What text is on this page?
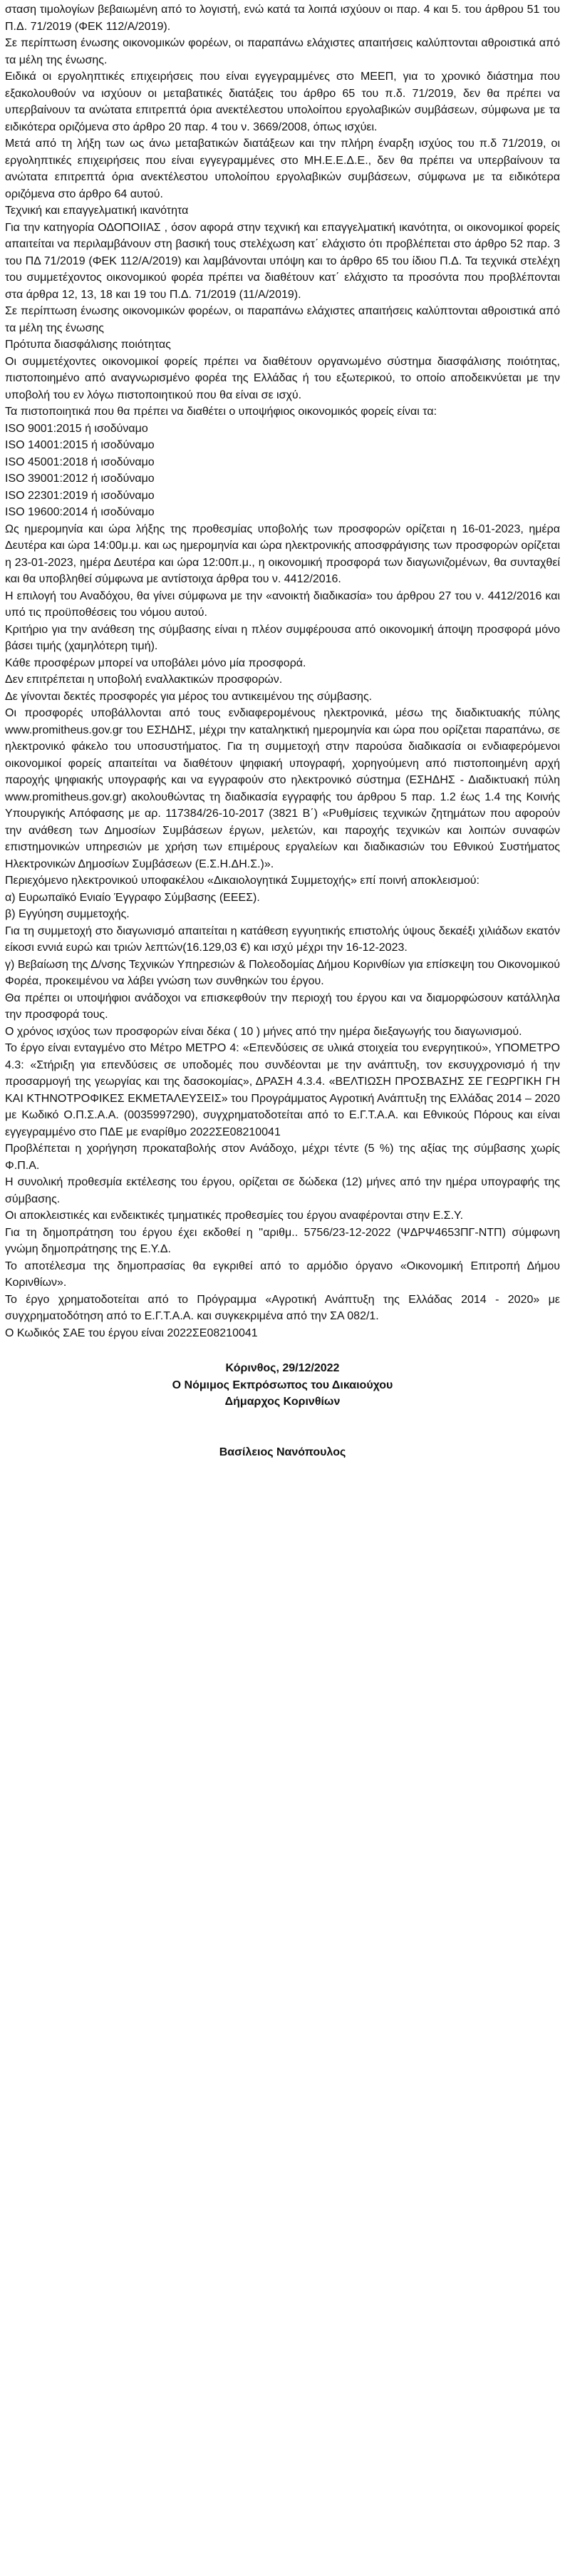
σταση τιμολογίων βεβαιωμένη από το λογιστή, ενώ κατά τα λοιπά ισχύουν οι παρ. 4 και 5. του άρθρου 51 του Π.Δ. 71/2019 (ΦΕΚ 112/Α/2019).

Σε περίπτωση ένωσης οικονομικών φορέων, οι παραπάνω ελάχιστες απαιτήσεις καλύπτονται αθροιστικά από τα μέλη της ένωσης.

Ειδικά οι εργοληπτικές επιχειρήσεις που είναι εγγεγραμμένες στο ΜΕΕΠ, για το χρονικό διάστημα που εξακολουθούν να ισχύουν οι μεταβατικές διατάξεις του άρθρο 65 του π.δ. 71/2019, δεν θα πρέπει να υπερβαίνουν τα ανώτατα επιτρεπτά όρια ανεκτέλεστου υπολοίπου εργολαβικών συμβάσεων, σύμφωνα με τα ειδικότερα οριζόμενα στο άρθρο 20 παρ. 4 του ν. 3669/2008, όπως ισχύει.

Μετά από τη λήξη των ως άνω μεταβατικών διατάξεων και την πλήρη έναρξη ισχύος του π.δ 71/2019, οι εργοληπτικές επιχειρήσεις που είναι εγγεγραμμένες στο ΜΗ.Ε.Ε.Δ.Ε., δεν θα πρέπει να υπερβαίνουν τα ανώτατα επιτρεπτά όρια ανεκτέλεστου υπολοίπου εργολαβικών συμβάσεων, σύμφωνα με τα ειδικότερα οριζόμενα στο άρθρο 64 αυτού.

Τεχνική και επαγγελματική ικανότητα

Για την κατηγορία ΟΔΟΠΟΙΙΑΣ , όσον αφορά στην τεχνική και επαγγελματική ικανότητα, οι οικονομικοί φορείς απαιτείται να περιλαμβάνουν στη βασική τους στελέχωση κατ΄ ελάχιστο ότι προβλέπεται στο άρθρο 52 παρ. 3 του ΠΔ 71/2019 (ΦΕΚ 112/Α/2019) και λαμβάνονται υπόψη και το άρθρο 65 του ίδιου Π.Δ. Τα τεχνικά στελέχη του συμμετέχοντος οικονομικού φορέα πρέπει να διαθέτουν κατ΄ ελάχιστο τα προσόντα που προβλέπονται στα άρθρα 12, 13, 18 και 19 του Π.Δ. 71/2019 (11/Α/2019).

Σε περίπτωση ένωσης οικονομικών φορέων, οι παραπάνω ελάχιστες απαιτήσεις καλύπτονται αθροιστικά από τα μέλη της ένωσης

Πρότυπα διασφάλισης ποιότητας

Οι συμμετέχοντες οικονομικοί φορείς πρέπει να διαθέτουν οργανωμένο σύστημα διασφάλισης ποιότητας, πιστοποιημένο από αναγνωρισμένο φορέα της Ελλάδας ή του εξωτερικού, το οποίο αποδεικνύεται με την υποβολή του εν λόγω πιστοποιητικού που θα είναι σε ισχύ.

Τα πιστοποιητικά που θα πρέπει να διαθέτει ο υποψήφιος οικονομικός φορείς είναι τα:

ISO 9001:2015 ή ισοδύναμο

ISO 14001:2015 ή ισοδύναμο

ISO 45001:2018 ή ισοδύναμο

ISO 39001:2012 ή ισοδύναμο

ISO 22301:2019 ή ισοδύναμο

ISO 19600:2014 ή ισοδύναμο

Ως ημερομηνία και ώρα λήξης της προθεσμίας υποβολής των προσφορών ορίζεται η 16-01-2023, ημέρα Δευτέρα και ώρα 14:00μ.μ. και ως ημερομηνία και ώρα ηλεκτρονικής αποσφράγισης των προσφορών ορίζεται η 23-01-2023, ημέρα Δευτέρα και ώρα 12:00π.μ., η οικονομική προσφορά των διαγωνιζομένων, θα συνταχθεί και θα υποβληθεί σύμφωνα με αντίστοιχα άρθρα του ν. 4412/2016.

Η επιλογή του Αναδόχου, θα γίνει σύμφωνα με την «ανοικτή διαδικασία» του άρθρου 27 του ν. 4412/2016 και υπό τις προϋποθέσεις του νόμου αυτού.

Κριτήριο για την ανάθεση της σύμβασης είναι η πλέον συμφέρουσα από οικονομική άποψη προσφορά μόνο βάσει τιμής (χαμηλότερη τιμή).

Κάθε προσφέρων μπορεί να υποβάλει μόνο μία προσφορά.

Δεν επιτρέπεται η υποβολή εναλλακτικών προσφορών.

Δε γίνονται δεκτές προσφορές για μέρος του αντικειμένου της σύμβασης.

Οι προσφορές υποβάλλονται από τους ενδιαφερομένους ηλεκτρονικά, μέσω της διαδικτυακής πύλης www.promitheus.gov.gr του ΕΣΗΔΗΣ, μέχρι την καταληκτική ημερομηνία και ώρα που ορίζεται παραπάνω, σε ηλεκτρονικό φάκελο του υποσυστήματος. Για τη συμμετοχή στην παρούσα διαδικασία οι ενδιαφερόμενοι οικονομικοί φορείς απαιτείται να διαθέτουν ψηφιακή υπογραφή, χορηγούμενη από πιστοποιημένη αρχή παροχής ψηφιακής υπογραφής και να εγγραφούν στο ηλεκτρονικό σύστημα (ΕΣΗΔΗΣ - Διαδικτυακή πύλη www.promitheus.gov.gr) ακολουθώντας τη διαδικασία εγγραφής του άρθρου 5 παρ. 1.2 έως 1.4 της Κοινής Υπουργικής Απόφασης με αρ. 117384/26-10-2017 (3821 Β΄) «Ρυθμίσεις τεχνικών ζητημάτων που αφορούν την ανάθεση των Δημοσίων Συμβάσεων έργων, μελετών, και παροχής τεχνικών και λοιπών συναφών επιστημονικών υπηρεσιών με χρήση των επιμέρους εργαλείων και διαδικασιών του Εθνικού Συστήματος Ηλεκτρονικών Δημοσίων Συμβάσεων (Ε.Σ.Η.ΔΗ.Σ.)».

Περιεχόμενο ηλεκτρονικού υποφακέλου «Δικαιολογητικά Συμμετοχής» επί ποινή αποκλεισμού:

α) Ευρωπαϊκό Ενιαίο Έγγραφο Σύμβασης (ΕΕΕΣ).

β) Εγγύηση συμμετοχής.

Για τη συμμετοχή στο διαγωνισμό απαιτείται η κατάθεση εγγυητικής επιστολής ύψους δεκαέξι χιλιάδων εκατόν είκοσι εννιά ευρώ και τριών λεπτών(16.129,03 €) και ισχύ μέχρι την 16-12-2023.

γ) Βεβαίωση της Δ/νσης Τεχνικών Υπηρεσιών & Πολεοδομίας Δήμου Κορινθίων για επίσκεψη του Οικονομικού Φορέα, προκειμένου να λάβει γνώση των συνθηκών του έργου.

Θα πρέπει οι υποψήφιοι ανάδοχοι να επισκεφθούν την περιοχή του έργου και να διαμορφώσουν κατάλληλα την προσφορά τους.

Ο χρόνος ισχύος των προσφορών είναι δέκα ( 10 ) μήνες από την ημέρα διεξαγωγής του διαγωνισμού.

Το έργο είναι ενταγμένο στο Μέτρο ΜΕΤΡΟ 4: «Επενδύσεις σε υλικά στοιχεία του ενεργητικού», ΥΠΟΜΕΤΡΟ 4.3: «Στήριξη για επενδύσεις σε υποδομές που συνδέονται με την ανάπτυξη, τον εκσυγχρονισμό ή την προσαρμογή της γεωργίας και της δασοκομίας», ΔΡΑΣΗ 4.3.4. «ΒΕΛΤΙΩΣΗ ΠΡΟΣΒΑΣΗΣ ΣΕ ΓΕΩΡΓΙΚΗ ΓΗ ΚΑΙ ΚΤΗΝΟΤΡΟΦΙΚΕΣ ΕΚΜΕΤΑΛΕΥΣΕΙΣ» του Προγράμματος Αγροτική Ανάπτυξη της Ελλάδας 2014 – 2020 με Κωδικό Ο.Π.Σ.Α.Α. (0035997290), συγχρηματοδοτείται από το Ε.Γ.Τ.Α.Α. και Εθνικούς Πόρους και είναι εγγεγραμμένο στο ΠΔΕ με εναρίθμο 2022ΣΕ08210041

Προβλέπεται η χορήγηση προκαταβολής στον Ανάδοχο, μέχρι τέντε (5 %) της αξίας της σύμβασης χωρίς Φ.Π.Α.

Η συνολική προθεσμία εκτέλεσης του έργου, ορίζεται σε δώδεκα (12) μήνες από την ημέρα υπογραφής της σύμβασης.

Οι αποκλειστικές και ενδεικτικές τμηματικές προθεσμίες του έργου αναφέρονται στην Ε.Σ.Υ.

Για τη δημοπράτηση του έργου έχει εκδοθεί η ''αριθμ.. 5756/23-12-2022 (ΨΔΡΨ4653ΠΓ-ΝΤΠ) σύμφωνη γνώμη δημοπράτησης της Ε.Υ.Δ.

Το αποτέλεσμα της δημοπρασίας θα εγκριθεί από το αρμόδιο όργανο «Οικονομική Επιτροπή Δήμου Κορινθίων».

Το έργο χρηματοδοτείται από το Πρόγραμμα «Αγροτική Ανάπτυξη της Ελλάδας 2014 - 2020» με συγχρηματοδότηση από το Ε.Γ.Τ.Α.Α. και συγκεκριμένα από την ΣΑ 082/1.

Ο Κωδικός ΣΑΕ του έργου είναι 2022ΣΕ08210041

Κόρινθος, 29/12/2022

Ο Νόμιμος Εκπρόσωπος του Δικαιούχου

Δήμαρχος Κορινθίων

Βασίλειος Νανόπουλος
